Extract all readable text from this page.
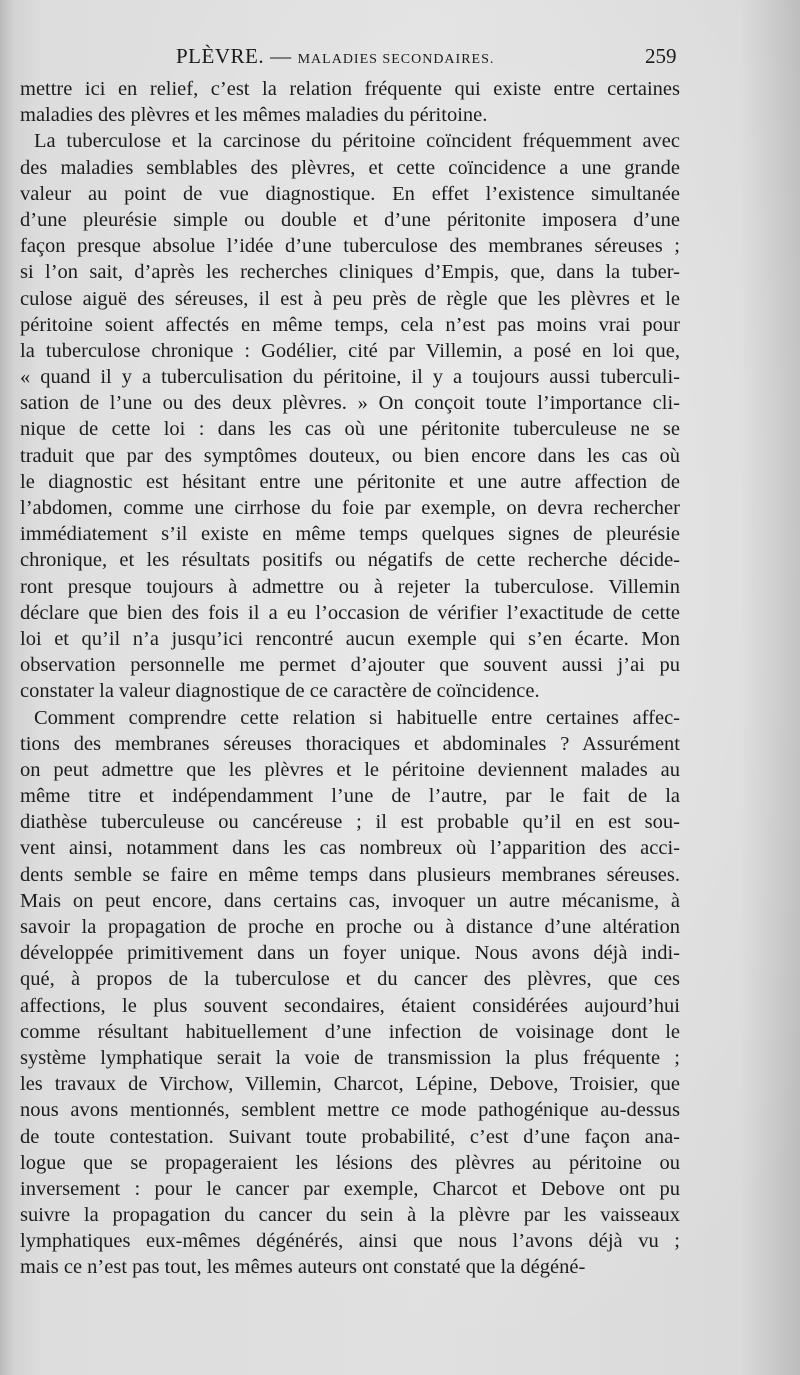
PLÈVRE. — MALADIES SECONDAIRES.	259
mettre ici en relief, c’est la relation fréquente qui existe entre certaines
maladies des plèvres et les mêmes maladies du péritoine.
La tuberculose et la carcinose du péritoine coïncident fréquemment avec
des maladies semblables des plèvres, et cette coïncidence a une grande
valeur au point de vue diagnostique. En effet l’existence simultanée
d’une pleurésie simple ou double et d’une péritonite imposera d’une
façon presque absolue l’idée d’une tuberculose des membranes séreuses ;
si l’on sait, d’après les recherches cliniques d’Empis, que, dans la tuber-
culose aiguë des séreuses, il est à peu près de règle que les plèvres et le
péritoine soient affectés en même temps, cela n’est pas moins vrai pour
la tuberculose chronique : Godélier, cité par Villemin, a posé en loi que,
« quand il y a tuberculisation du péritoine, il y a toujours aussi tuberculi-
sation de l’une ou des deux plèvres. » On conçoit toute l’importance cli-
nique de cette loi : dans les cas où une péritonite tuberculeuse ne se
traduit que par des symptômes douteux, ou bien encore dans les cas où
le diagnostic est hésitant entre une péritonite et une autre affection de
l’abdomen, comme une cirrhose du foie par exemple, on devra rechercher
immédiatement s’il existe en même temps quelques signes de pleurésie
chronique, et les résultats positifs ou négatifs de cette recherche décide-
ront presque toujours à admettre ou à rejeter la tuberculose. Villemin
déclare que bien des fois il a eu l’occasion de vérifier l’exactitude de cette
loi et qu’il n’a jusqu’ici rencontré aucun exemple qui s’en écarte. Mon
observation personnelle me permet d’ajouter que souvent aussi j’ai pu
constater la valeur diagnostique de ce caractère de coïncidence.
Comment comprendre cette relation si habituelle entre certaines affec-
tions des membranes séreuses thoraciques et abdominales ? Assurément
on peut admettre que les plèvres et le péritoine deviennent malades au
même titre et indépendamment l’une de l’autre, par le fait de la
diathèse tuberculeuse ou cancéreuse ; il est probable qu’il en est sou-
vent ainsi, notamment dans les cas nombreux où l’apparition des acci-
dents semble se faire en même temps dans plusieurs membranes séreuses.
Mais on peut encore, dans certains cas, invoquer un autre mécanisme, à
savoir la propagation de proche en proche ou à distance d’une altération
développée primitivement dans un foyer unique. Nous avons déjà indi-
qué, à propos de la tuberculose et du cancer des plèvres, que ces
affections, le plus souvent secondaires, étaient considérées aujourd’hui
comme résultant habituellement d’une infection de voisinage dont le
système lymphatique serait la voie de transmission la plus fréquente ;
les travaux de Virchow, Villemin, Charcot, Lépine, Debove, Troisier, que
nous avons mentionnés, semblent mettre ce mode pathogénique au-dessus
de toute contestation. Suivant toute probabilité, c’est d’une façon ana-
logue que se propageraient les lésions des plèvres au péritoine ou
inversement : pour le cancer par exemple, Charcot et Debove ont pu
suivre la propagation du cancer du sein à la plèvre par les vaisseaux
lymphatiques eux-mêmes dégénérés, ainsi que nous l’avons déjà vu ;
mais ce n’est pas tout, les mêmes auteurs ont constaté que la dégéné-
